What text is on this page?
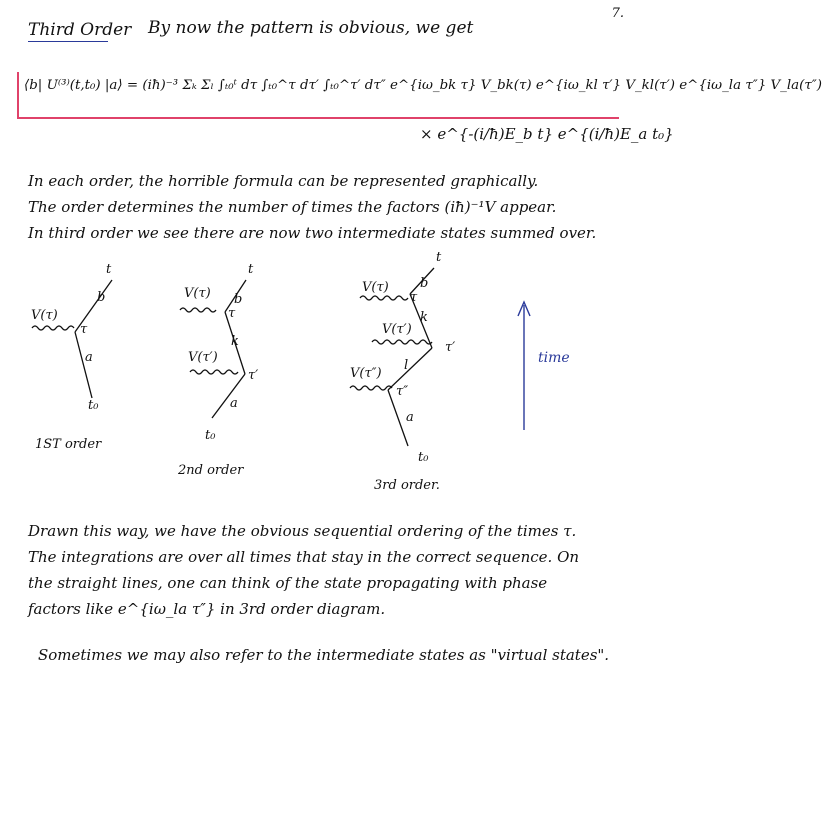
7.
Third Order By now the pattern is obvious, we get
⟨b| U⁽³⁾(t,t₀) |a⟩ = (iħ)⁻³ Σₖ Σₗ ∫ₜ₀ᵗ dτ ∫ₜ₀^τ dτ′ ∫ₜ₀^τ′ dτ″ e^{iω_bk τ} V_bk(τ) e^{iω_kl τ′} V_kl(τ′) e^{iω_la τ″} V_la(τ″)
× e^{-(i/ħ)E_b t} e^{(i/ħ)E_a t₀}
In each order, the horrible formula can be represented graphically.
The order determines the number of times the factors (iħ)⁻¹V appear.
In third order we see there are now two intermediate states summed over.
t
b
V(τ)
τ
a
t₀
1ST order
t
b
V(τ)
τ
k
V(τ′)
τ′
a
t₀
2nd order
t
b
V(τ)
τ
k
V(τ′)
τ′
l
V(τ″)
τ″
a
t₀
3rd order.
time
Drawn this way, we have the obvious sequential ordering of the times τ.
The integrations are over all times that stay in the correct sequence. On
the straight lines, one can think of the state propagating with phase
factors like e^{iω_la τ″} in 3rd order diagram.
Sometimes we may also refer to the intermediate states as "virtual states".
